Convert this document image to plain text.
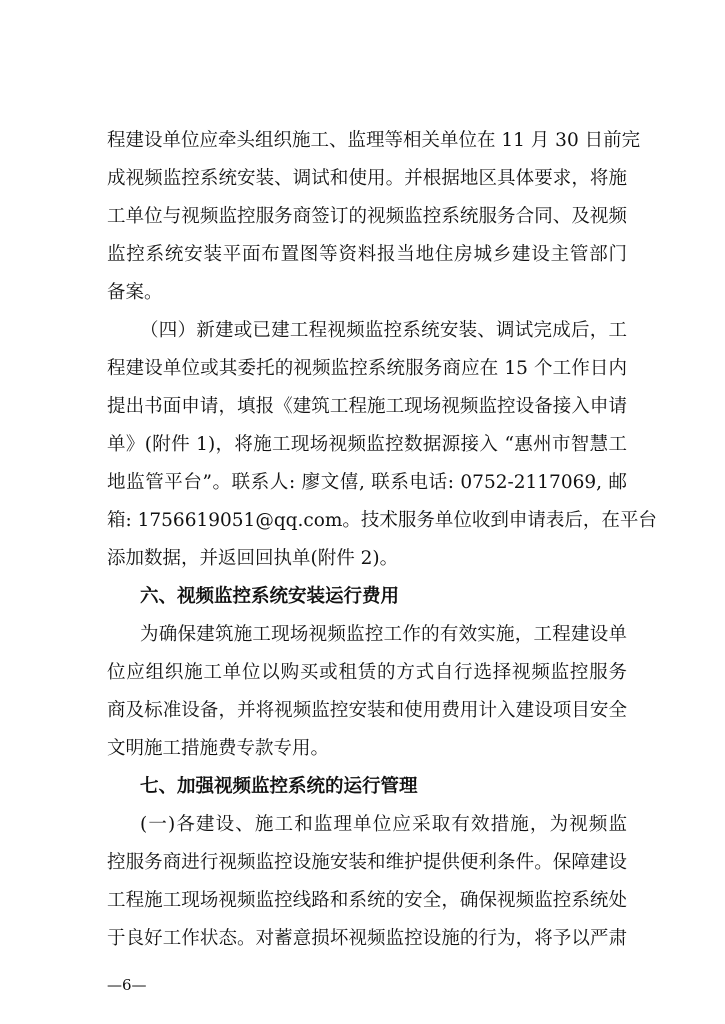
程建设单位应牵头组织施工、监理等相关单位在 11 月 30 日前完
成视频监控系统安装、调试和使用。并根据地区具体要求，将施
工单位与视频监控服务商签订的视频监控系统服务合同、及视频
监控系统安装平面布置图等资料报当地住房城乡建设主管部门
备案。
（四）新建或已建工程视频监控系统安装、调试完成后，工
程建设单位或其委托的视频监控系统服务商应在 15 个工作日内
提出书面申请，填报《建筑工程施工现场视频监控设备接入申请
单》(附件 1)，将施工现场视频监控数据源接入 “惠州市智慧工
地监管平台”。联系人: 廖文僖, 联系电话: 0752-2117069, 邮
箱: 1756619051@qq.com。技术服务单位收到申请表后，在平台
添加数据，并返回回执单(附件 2)。
六、视频监控系统安装运行费用
为确保建筑施工现场视频监控工作的有效实施，工程建设单
位应组织施工单位以购买或租赁的方式自行选择视频监控服务
商及标准设备，并将视频监控安装和使用费用计入建设项目安全
文明施工措施费专款专用。
七、加强视频监控系统的运行管理
(一)各建设、施工和监理单位应采取有效措施，为视频监
控服务商进行视频监控设施安装和维护提供便利条件。保障建设
工程施工现场视频监控线路和系统的安全，确保视频监控系统处
于良好工作状态。对蓄意损坏视频监控设施的行为，将予以严肃
—6—
